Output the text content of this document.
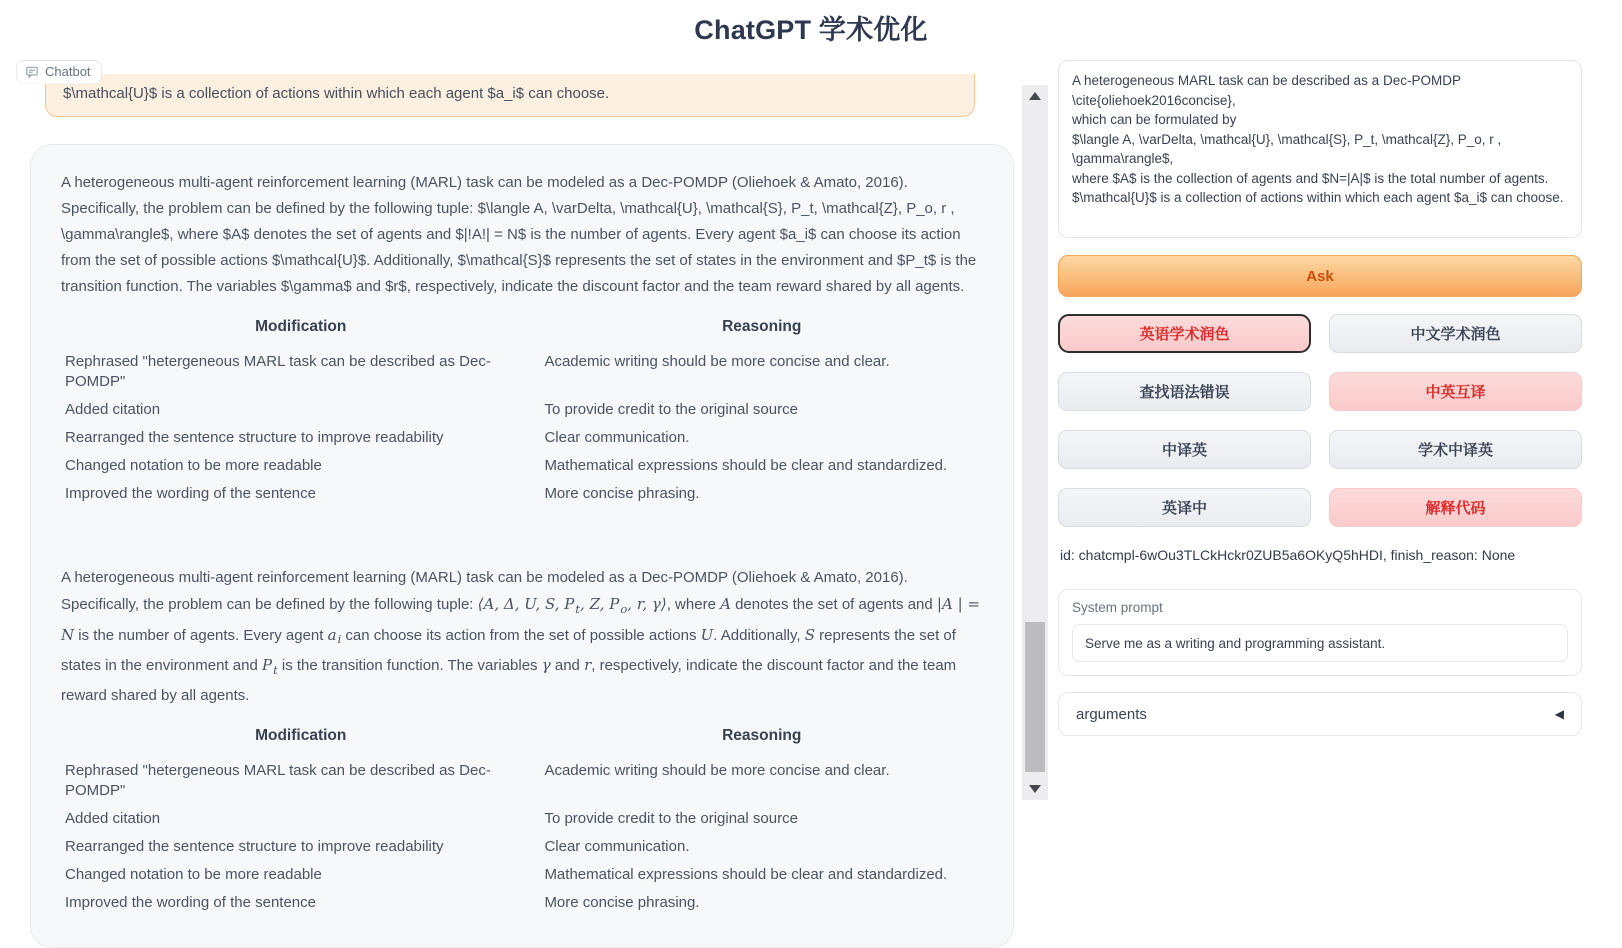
ChatGPT 学术优化
Chatbot
$\mathcal{U}$ is a collection of actions within which each agent $a_i$ can choose.
A heterogeneous multi-agent reinforcement learning (MARL) task can be modeled as a Dec-POMDP (Oliehoek & Amato, 2016). Specifically, the problem can be defined by the following tuple: $\langle A, \varDelta, \mathcal{U}, \mathcal{S}, P_t, \mathcal{Z}, P_o, r , \gamma\rangle$, where $A$ denotes the set of agents and $|!A!| = N$ is the number of agents. Every agent $a_i$ can choose its action from the set of possible actions $\mathcal{U}$. Additionally, $\mathcal{S}$ represents the set of states in the environment and $P_t$ is the transition function. The variables $\gamma$ and $r$, respectively, indicate the discount factor and the team reward shared by all agents.
Modification	Reasoning
Rephrased "hetergeneous MARL task can be described as Dec-POMDP"	Academic writing should be more concise and clear.
Added citation	To provide credit to the original source
Rearranged the sentence structure to improve readability	Clear communication.
Changed notation to be more readable	Mathematical expressions should be clear and standardized.
Improved the wording of the sentence	More concise phrasing.
A heterogeneous multi-agent reinforcement learning (MARL) task can be modeled as a Dec-POMDP (Oliehoek & Amato, 2016). Specifically, the problem can be defined by the following tuple: ⟨A, Δ, U, S, $P_t$, Z, $P_o$, r, γ⟩, where A denotes the set of agents and |A | = N is the number of agents. Every agent $a_i$ can choose its action from the set of possible actions U. Additionally, S represents the set of states in the environment and $P_t$ is the transition function. The variables γ and r, respectively, indicate the discount factor and the team reward shared by all agents.
Modification	Reasoning
Rephrased "hetergeneous MARL task can be described as Dec-POMDP"	Academic writing should be more concise and clear.
Added citation	To provide credit to the original source
Rearranged the sentence structure to improve readability	Clear communication.
Changed notation to be more readable	Mathematical expressions should be clear and standardized.
Improved the wording of the sentence	More concise phrasing.
A heterogeneous MARL task can be described as a Dec-POMDP \cite{oliehoek2016concise}, which can be formulated by $\langle A, \varDelta, \mathcal{U}, \mathcal{S}, P_t, \mathcal{Z}, P_o, r , \gamma\rangle$, where $A$ is the collection of agents and $N=|A|$ is the total number of agents. $\mathcal{U}$ is a collection of actions within which each agent $a_i$ can choose.
Ask
英语学术润色	中文学术润色
查找语法错误	中英互译
中译英	学术中译英
英译中	解释代码
id: chatcmpl-6wOu3TLCkHckr0ZUB5a6OKyQ5hHDI, finish_reason: None
System prompt
Serve me as a writing and programming assistant.
arguments	◀
